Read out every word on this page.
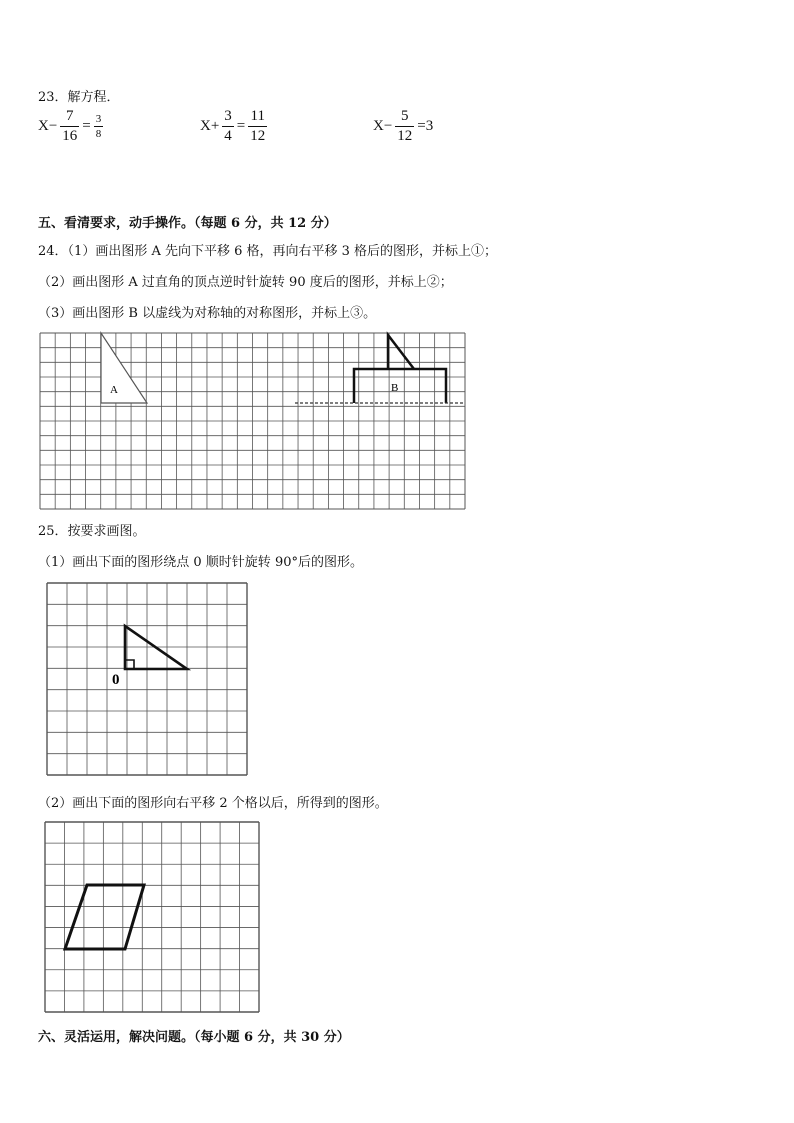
23．解方程．
$X- \frac{7}{16} = \frac{3}{8}$	$X+ \frac{3}{4} = \frac{11}{12}$	$X- \frac{5}{12} = 3$
五、看清要求，动手操作。（每题 6 分，共 12 分）
24．（1）画出图形 A 先向下平移 6 格，再向右平移 3 格后的图形，并标上①；
（2）画出图形 A 过直角的顶点逆时针旋转 90 度后的图形，并标上②；
（3）画出图形 B 以虚线为对称轴的对称图形，并标上③。
A	B
25．按要求画图。
（1）画出下面的图形绕点 0 顺时针旋转 90°后的图形。
0
（2）画出下面的图形向右平移 2 个格以后，所得到的图形。
六、灵活运用，解决问题。（每小题 6 分，共 30 分）
